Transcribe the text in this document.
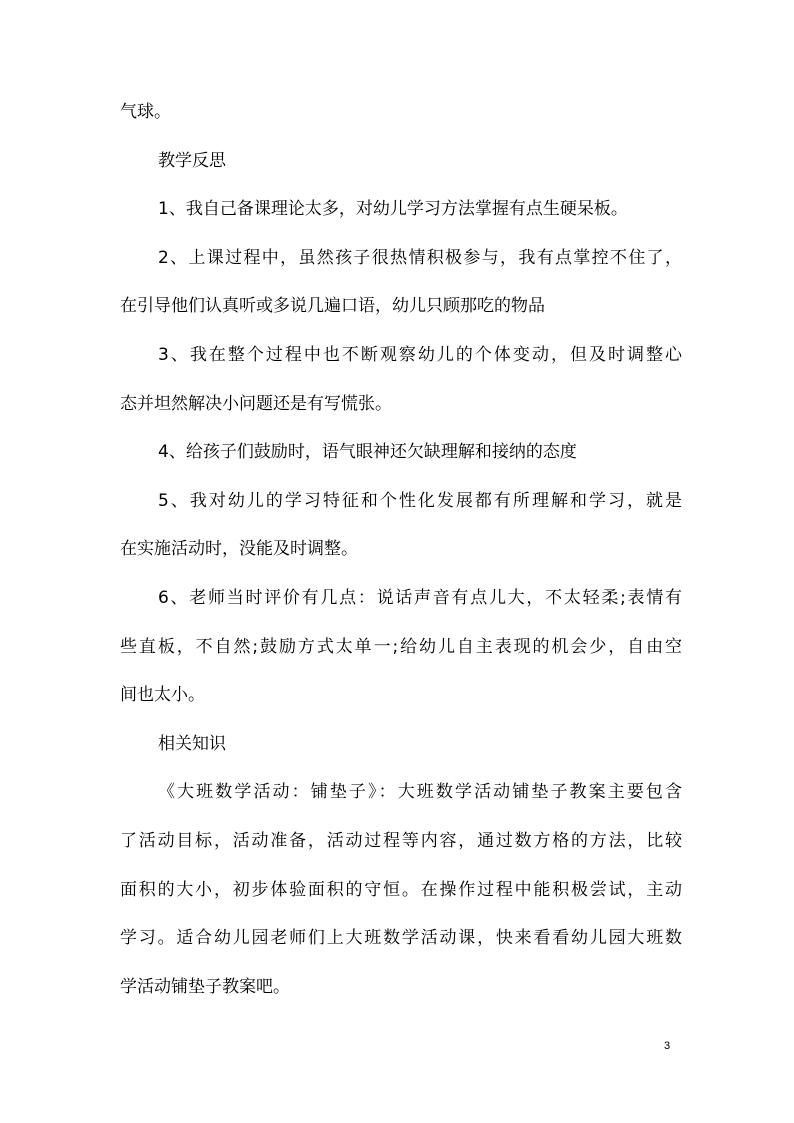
气球。
教学反思
1、我自己备课理论太多，对幼儿学习方法掌握有点生硬呆板。
2、上课过程中，虽然孩子很热情积极参与，我有点掌控不住了，
在引导他们认真听或多说几遍口语，幼儿只顾那吃的物品
3、我在整个过程中也不断观察幼儿的个体变动，但及时调整心
态并坦然解决小问题还是有写慌张。
4、给孩子们鼓励时，语气眼神还欠缺理解和接纳的态度
5、我对幼儿的学习特征和个性化发展都有所理解和学习，就是
在实施活动时，没能及时调整。
6、老师当时评价有几点：说话声音有点儿大，不太轻柔;表情有
些直板，不自然;鼓励方式太单一;给幼儿自主表现的机会少，自由空
间也太小。
相关知识
《大班数学活动：铺垫子》：大班数学活动铺垫子教案主要包含
了活动目标，活动准备，活动过程等内容，通过数方格的方法，比较
面积的大小，初步体验面积的守恒。在操作过程中能积极尝试，主动
学习。适合幼儿园老师们上大班数学活动课，快来看看幼儿园大班数
学活动铺垫子教案吧。
3
